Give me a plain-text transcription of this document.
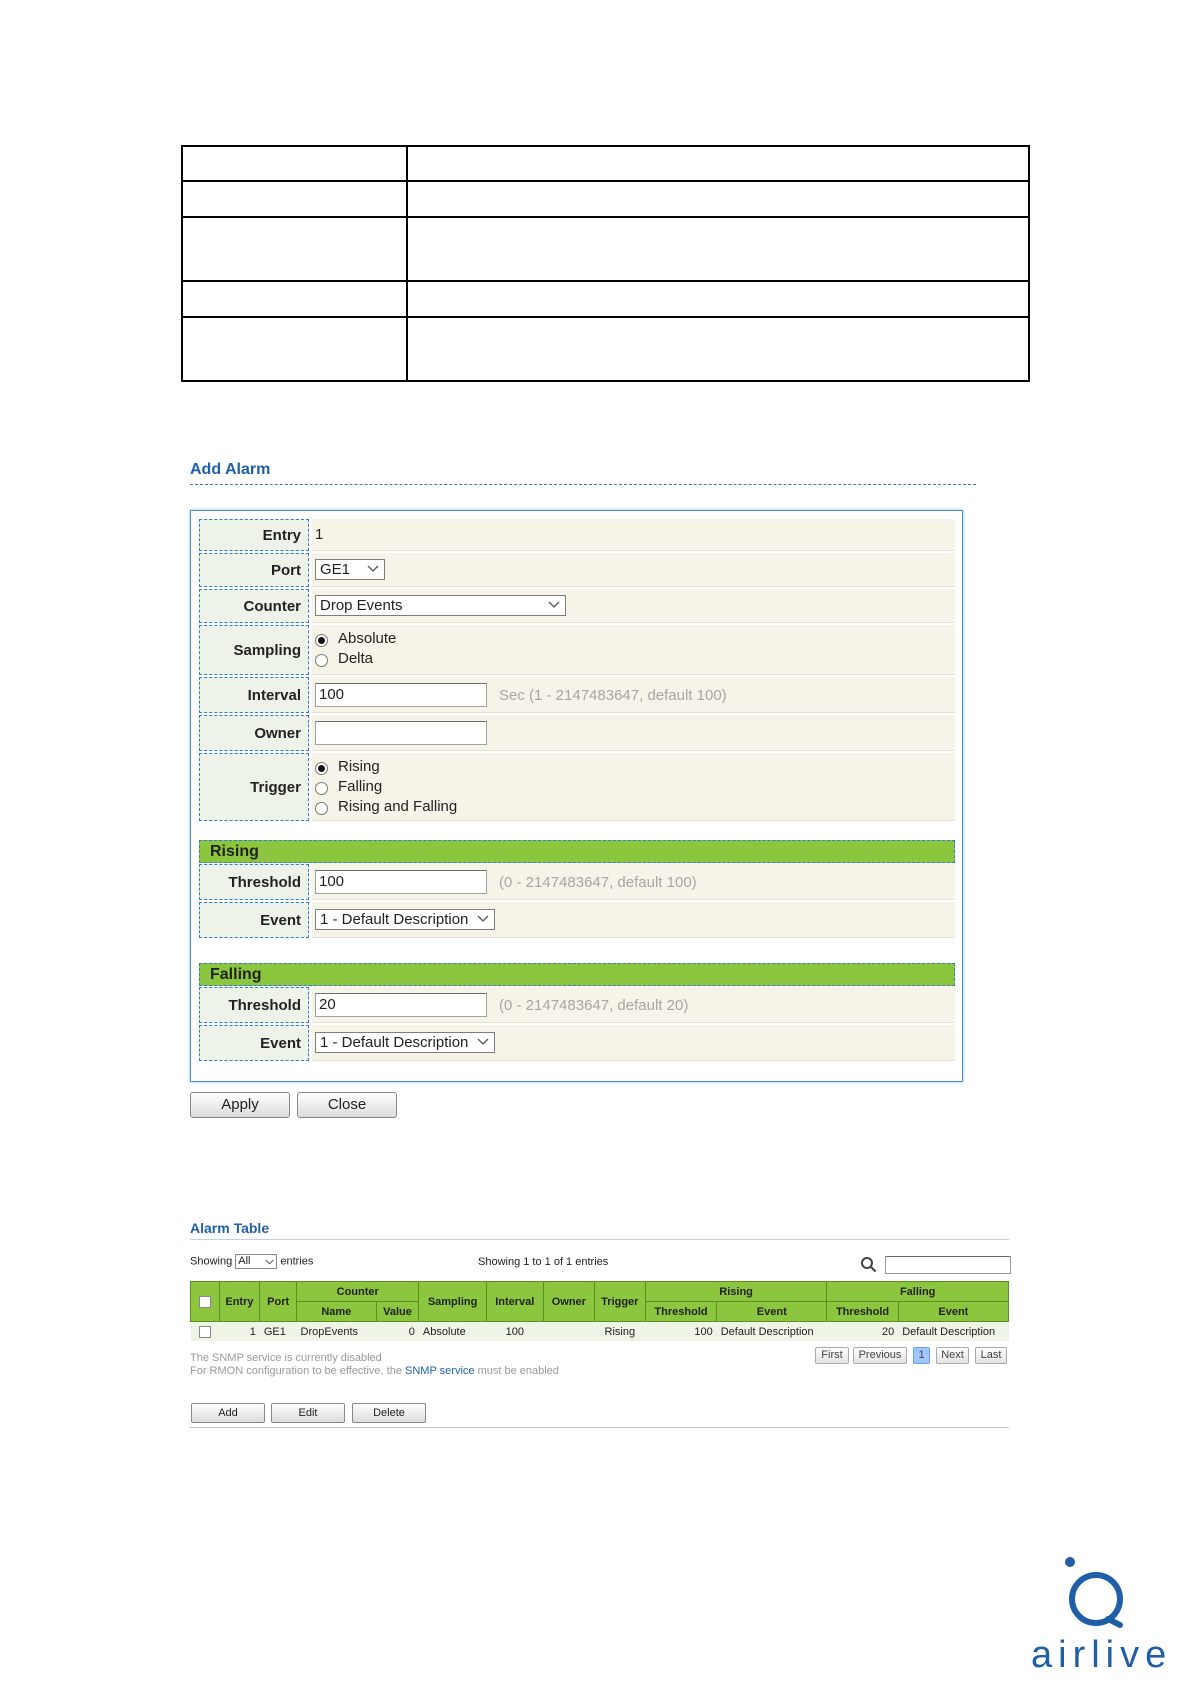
Add Alarm
Entry 1
Port	GE1
Counter	Drop Events
Sampling
Absolute
Delta
Interval	100	Sec (1 - 2147483647, default 100)
Owner
Trigger
Rising
Falling
Rising and Falling
Rising
Threshold	100	(0 - 2147483647, default 100)
Event	1 - Default Description
Falling
Threshold	20	(0 - 2147483647, default 20)
Event	1 - Default Description
Apply	Close
Alarm Table
Showing All	entries	Showing 1 to 1 of 1 entries
	Entry	Port	Counter		Sampling	Interval	Owner	Trigger	Rising		Falling	
			Name	Value					Threshold	Event	Threshold	Event
	1	GE1	DropEvents	0	Absolute	100		Rising	100	Default Description	20	Default Description
First	Previous	1	Next	Last
The SNMP service is currently disabled
For RMON configuration to be effective, the SNMP service must be enabled
Add	Edit	Delete
airlive
